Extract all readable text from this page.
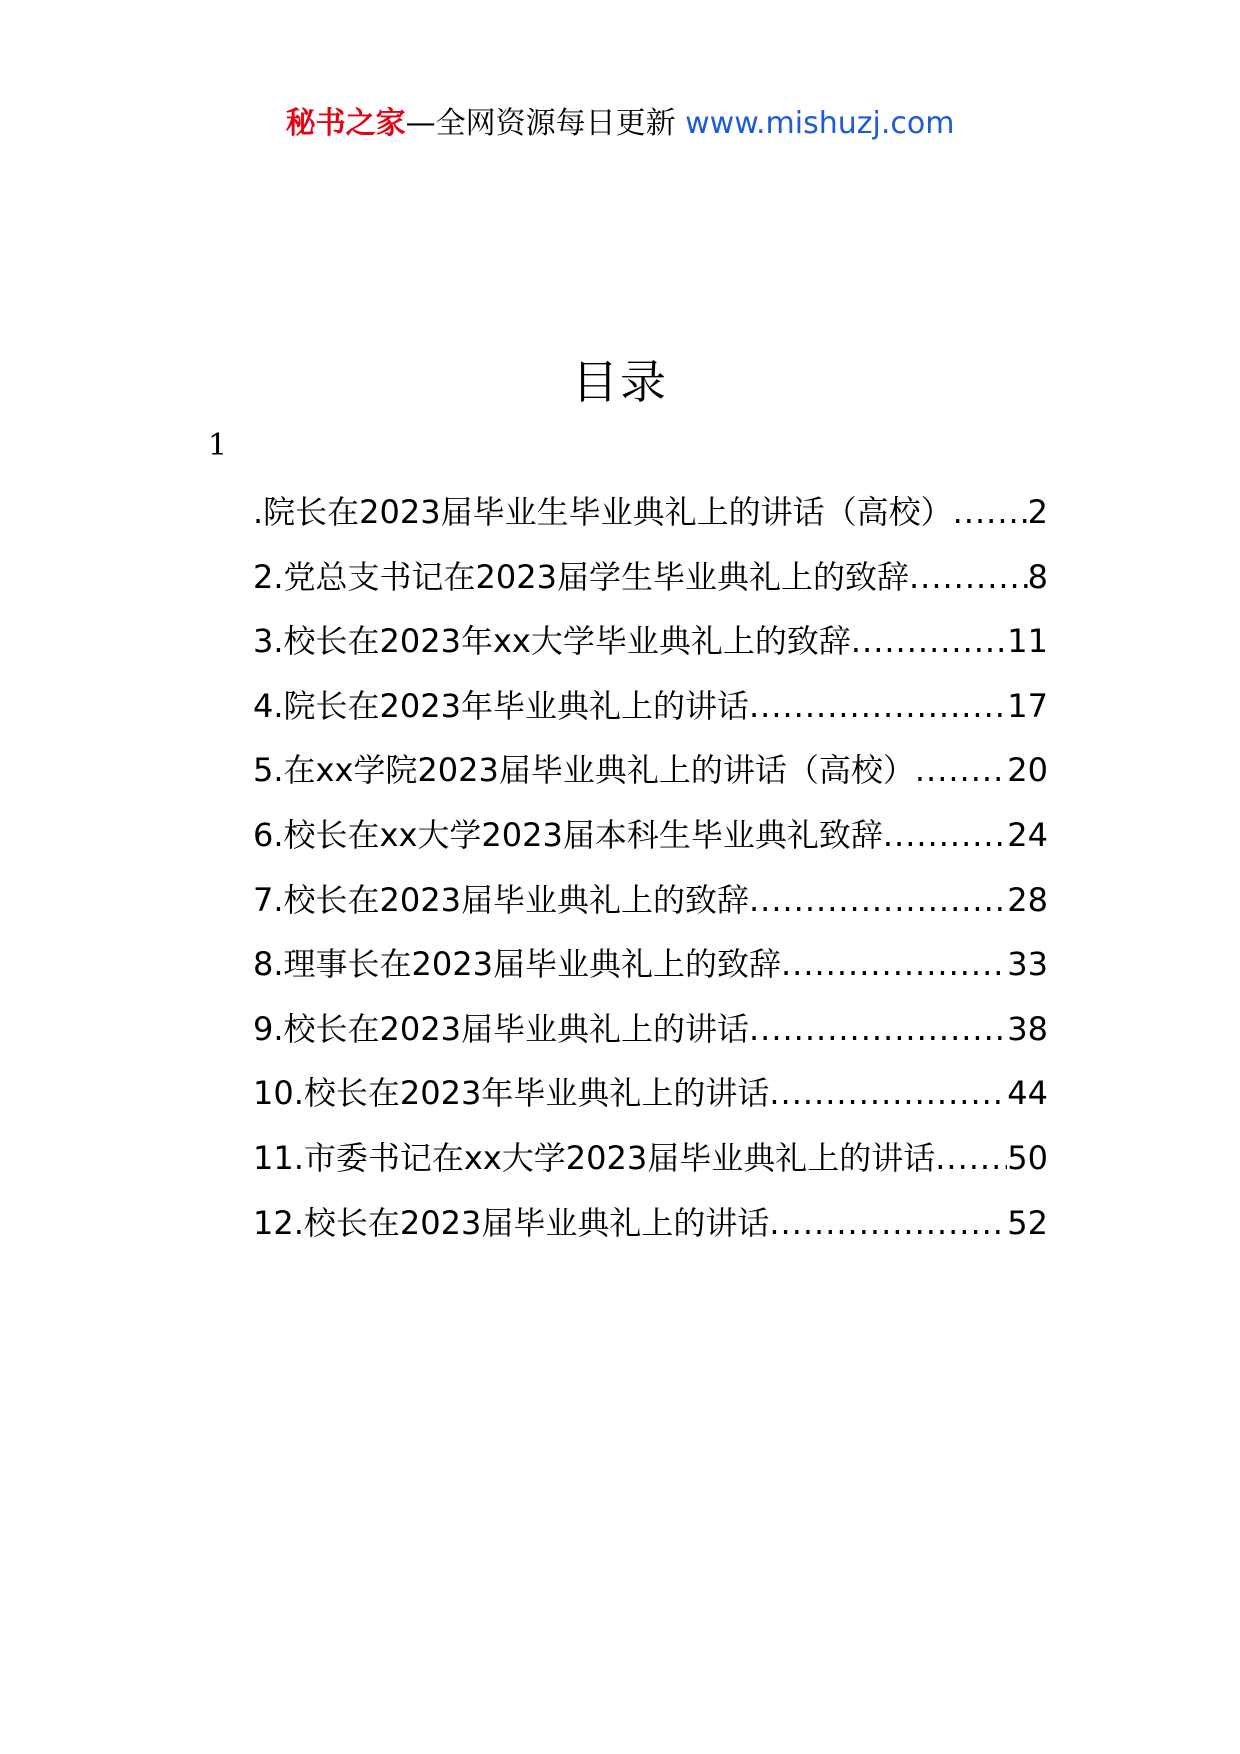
秘书之家—全网资源每日更新 www.mishuzj.com
目录
1
.院长在2023届毕业生毕业典礼上的讲话（高校） ..... 2
2.党总支书记在2023届学生毕业典礼上的致辞 .....	8
3.校长在2023年xx大学毕业典礼上的致辞 .....	11
4.院长在2023年毕业典礼上的讲话 .....	17
5.在xx学院2023届毕业典礼上的讲话（高校） .....	20
6.校长在xx大学2023届本科生毕业典礼致辞 .....	24
7.校长在2023届毕业典礼上的致辞 .....	28
8.理事长在2023届毕业典礼上的致辞 .....	33
9.校长在2023届毕业典礼上的讲话 .....	38
10.校长在2023年毕业典礼上的讲话 .....	44
11.市委书记在xx大学2023届毕业典礼上的讲话 ..... 50
12.校长在2023届毕业典礼上的讲话 .....	52
